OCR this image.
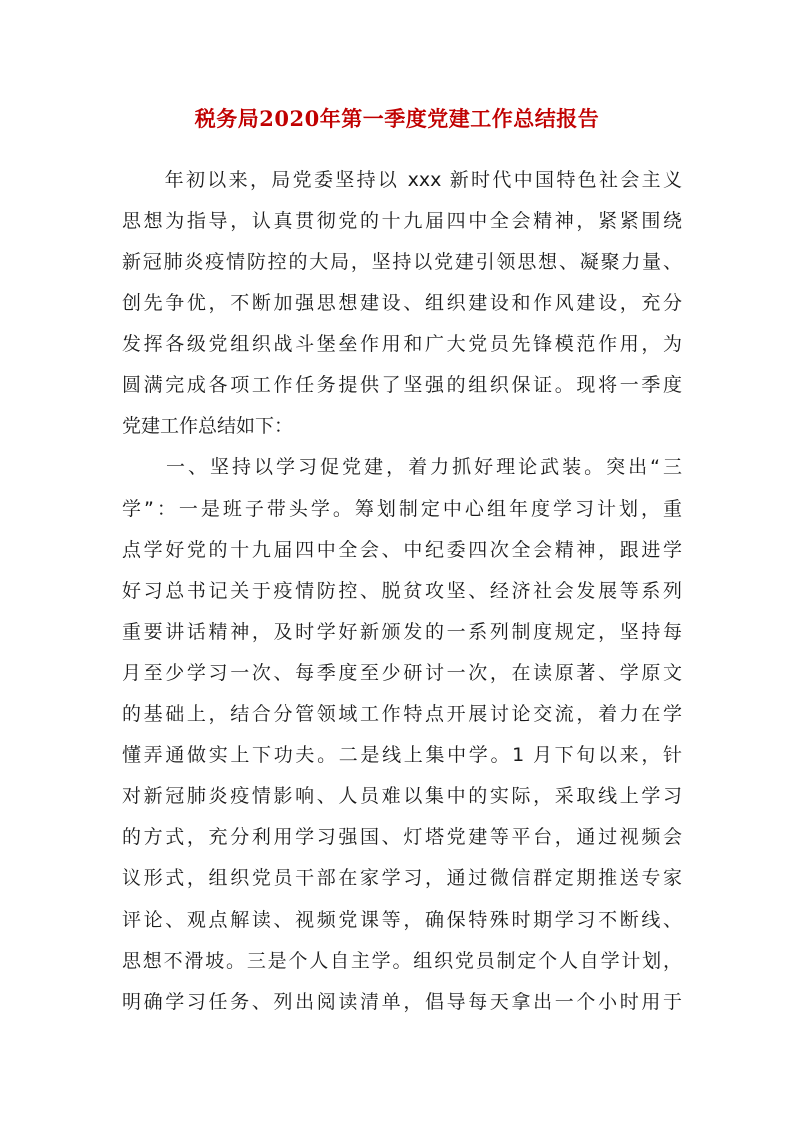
税务局2020年第一季度党建工作总结报告

　　年初以来，局党委坚持以 xxx 新时代中国特色社会主义

思想为指导，认真贯彻党的十九届四中全会精神，紧紧围绕

新冠肺炎疫情防控的大局，坚持以党建引领思想、凝聚力量、

创先争优，不断加强思想建设、组织建设和作风建设，充分

发挥各级党组织战斗堡垒作用和广大党员先锋模范作用，为

圆满完成各项工作任务提供了坚强的组织保证。现将一季度

党建工作总结如下：

　　一、坚持以学习促党建，着力抓好理论武装。突出“三

学”：一是班子带头学。筹划制定中心组年度学习计划，重

点学好党的十九届四中全会、中纪委四次全会精神，跟进学

好习总书记关于疫情防控、脱贫攻坚、经济社会发展等系列

重要讲话精神，及时学好新颁发的一系列制度规定，坚持每

月至少学习一次、每季度至少研讨一次，在读原著、学原文

的基础上，结合分管领域工作特点开展讨论交流，着力在学

懂弄通做实上下功夫。二是线上集中学。1 月下旬以来，针

对新冠肺炎疫情影响、人员难以集中的实际，采取线上学习

的方式，充分利用学习强国、灯塔党建等平台，通过视频会

议形式，组织党员干部在家学习，通过微信群定期推送专家

评论、观点解读、视频党课等，确保特殊时期学习不断线、

思想不滑坡。三是个人自主学。组织党员制定个人自学计划，

明确学习任务、列出阅读清单，倡导每天拿出一个小时用于
